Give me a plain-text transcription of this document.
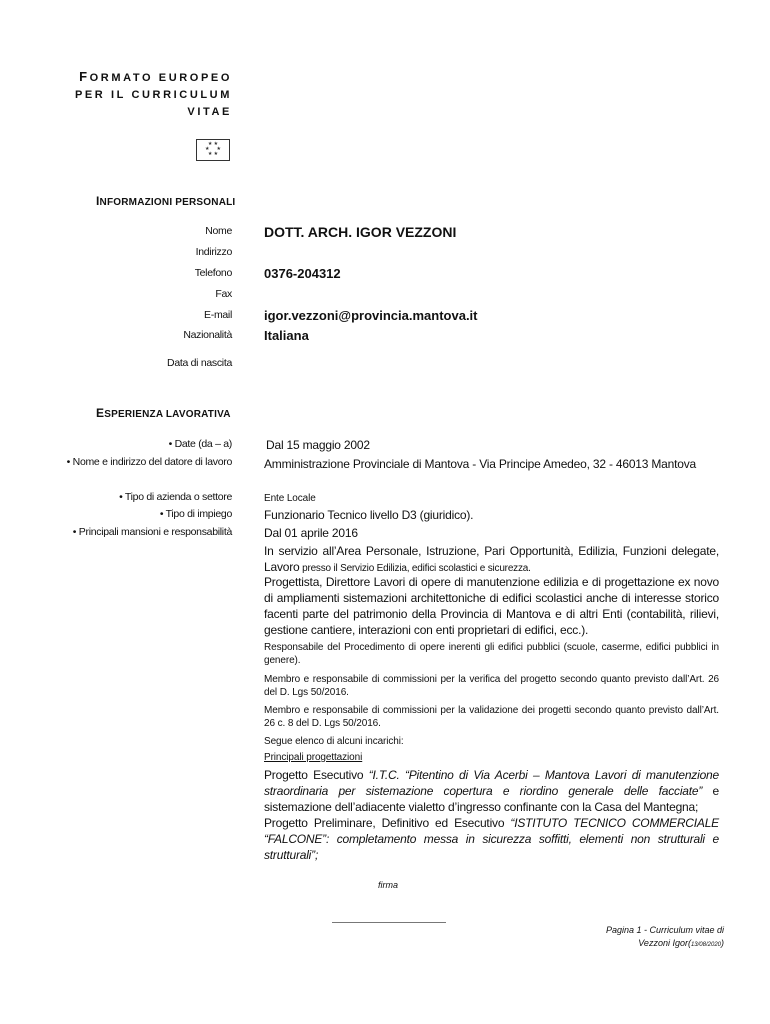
FORMATO EUROPEO
PER IL CURRICULUM
VITAE
★ ★
★     ★
★ ★
INFORMAZIONI PERSONALI
Nome DOTT. ARCH. IGOR VEZZONI
Indirizzo
Telefono 0376-204312
Fax
E-mail igor.vezzoni@provincia.mantova.it
Nazionalità Italiana
Data di nascita
ESPERIENZA LAVORATIVA
• Date (da – a)	Dal 15 maggio 2002
• Nome e indirizzo del datore di lavoro	Amministrazione Provinciale di Mantova - Via Principe Amedeo, 32 - 46013 Mantova
• Tipo di azienda o settore	Ente Locale
• Tipo di impiego	Funzionario Tecnico livello D3 (giuridico).
• Principali mansioni e responsabilità	Dal 01 aprile 2016
In servizio all’Area Personale, Istruzione, Pari Opportunità, Edilizia, Funzioni delegate, Lavoro presso il Servizio Edilizia, edifici scolastici e sicurezza.
Progettista, Direttore Lavori di opere di manutenzione edilizia e di progettazione ex novo di ampliamenti sistemazioni architettoniche di edifici scolastici anche di interesse storico facenti parte del patrimonio della Provincia di Mantova e di altri Enti (contabilità, rilievi, gestione cantiere, interazioni con enti proprietari di edifici, ecc.).
Responsabile del Procedimento di opere inerenti gli edifici pubblici (scuole, caserme, edifici pubblici in genere).
Membro e responsabile di commissioni per la verifica del progetto secondo quanto previsto dall’Art. 26 del D. Lgs 50/2016.
Membro e responsabile di commissioni per la validazione dei progetti secondo quanto previsto dall’Art. 26 c. 8 del D. Lgs 50/2016.
Segue elenco di alcuni incarichi:
Principali progettazioni
Progetto Esecutivo “I.T.C. “Pitentino di Via Acerbi – Mantova Lavori di manutenzione straordinaria per sistemazione copertura e riordino generale delle facciate” e sistemazione dell’adiacente vialetto d’ingresso confinante con la Casa del Mantegna;
Progetto Preliminare, Definitivo ed Esecutivo “ISTITUTO TECNICO COMMERCIALE “FALCONE”: completamento messa in sicurezza soffitti, elementi non strutturali e strutturali”;
firma
Pagina 1 - Curriculum vitae di
Vezzoni Igor(13/08/2020)
